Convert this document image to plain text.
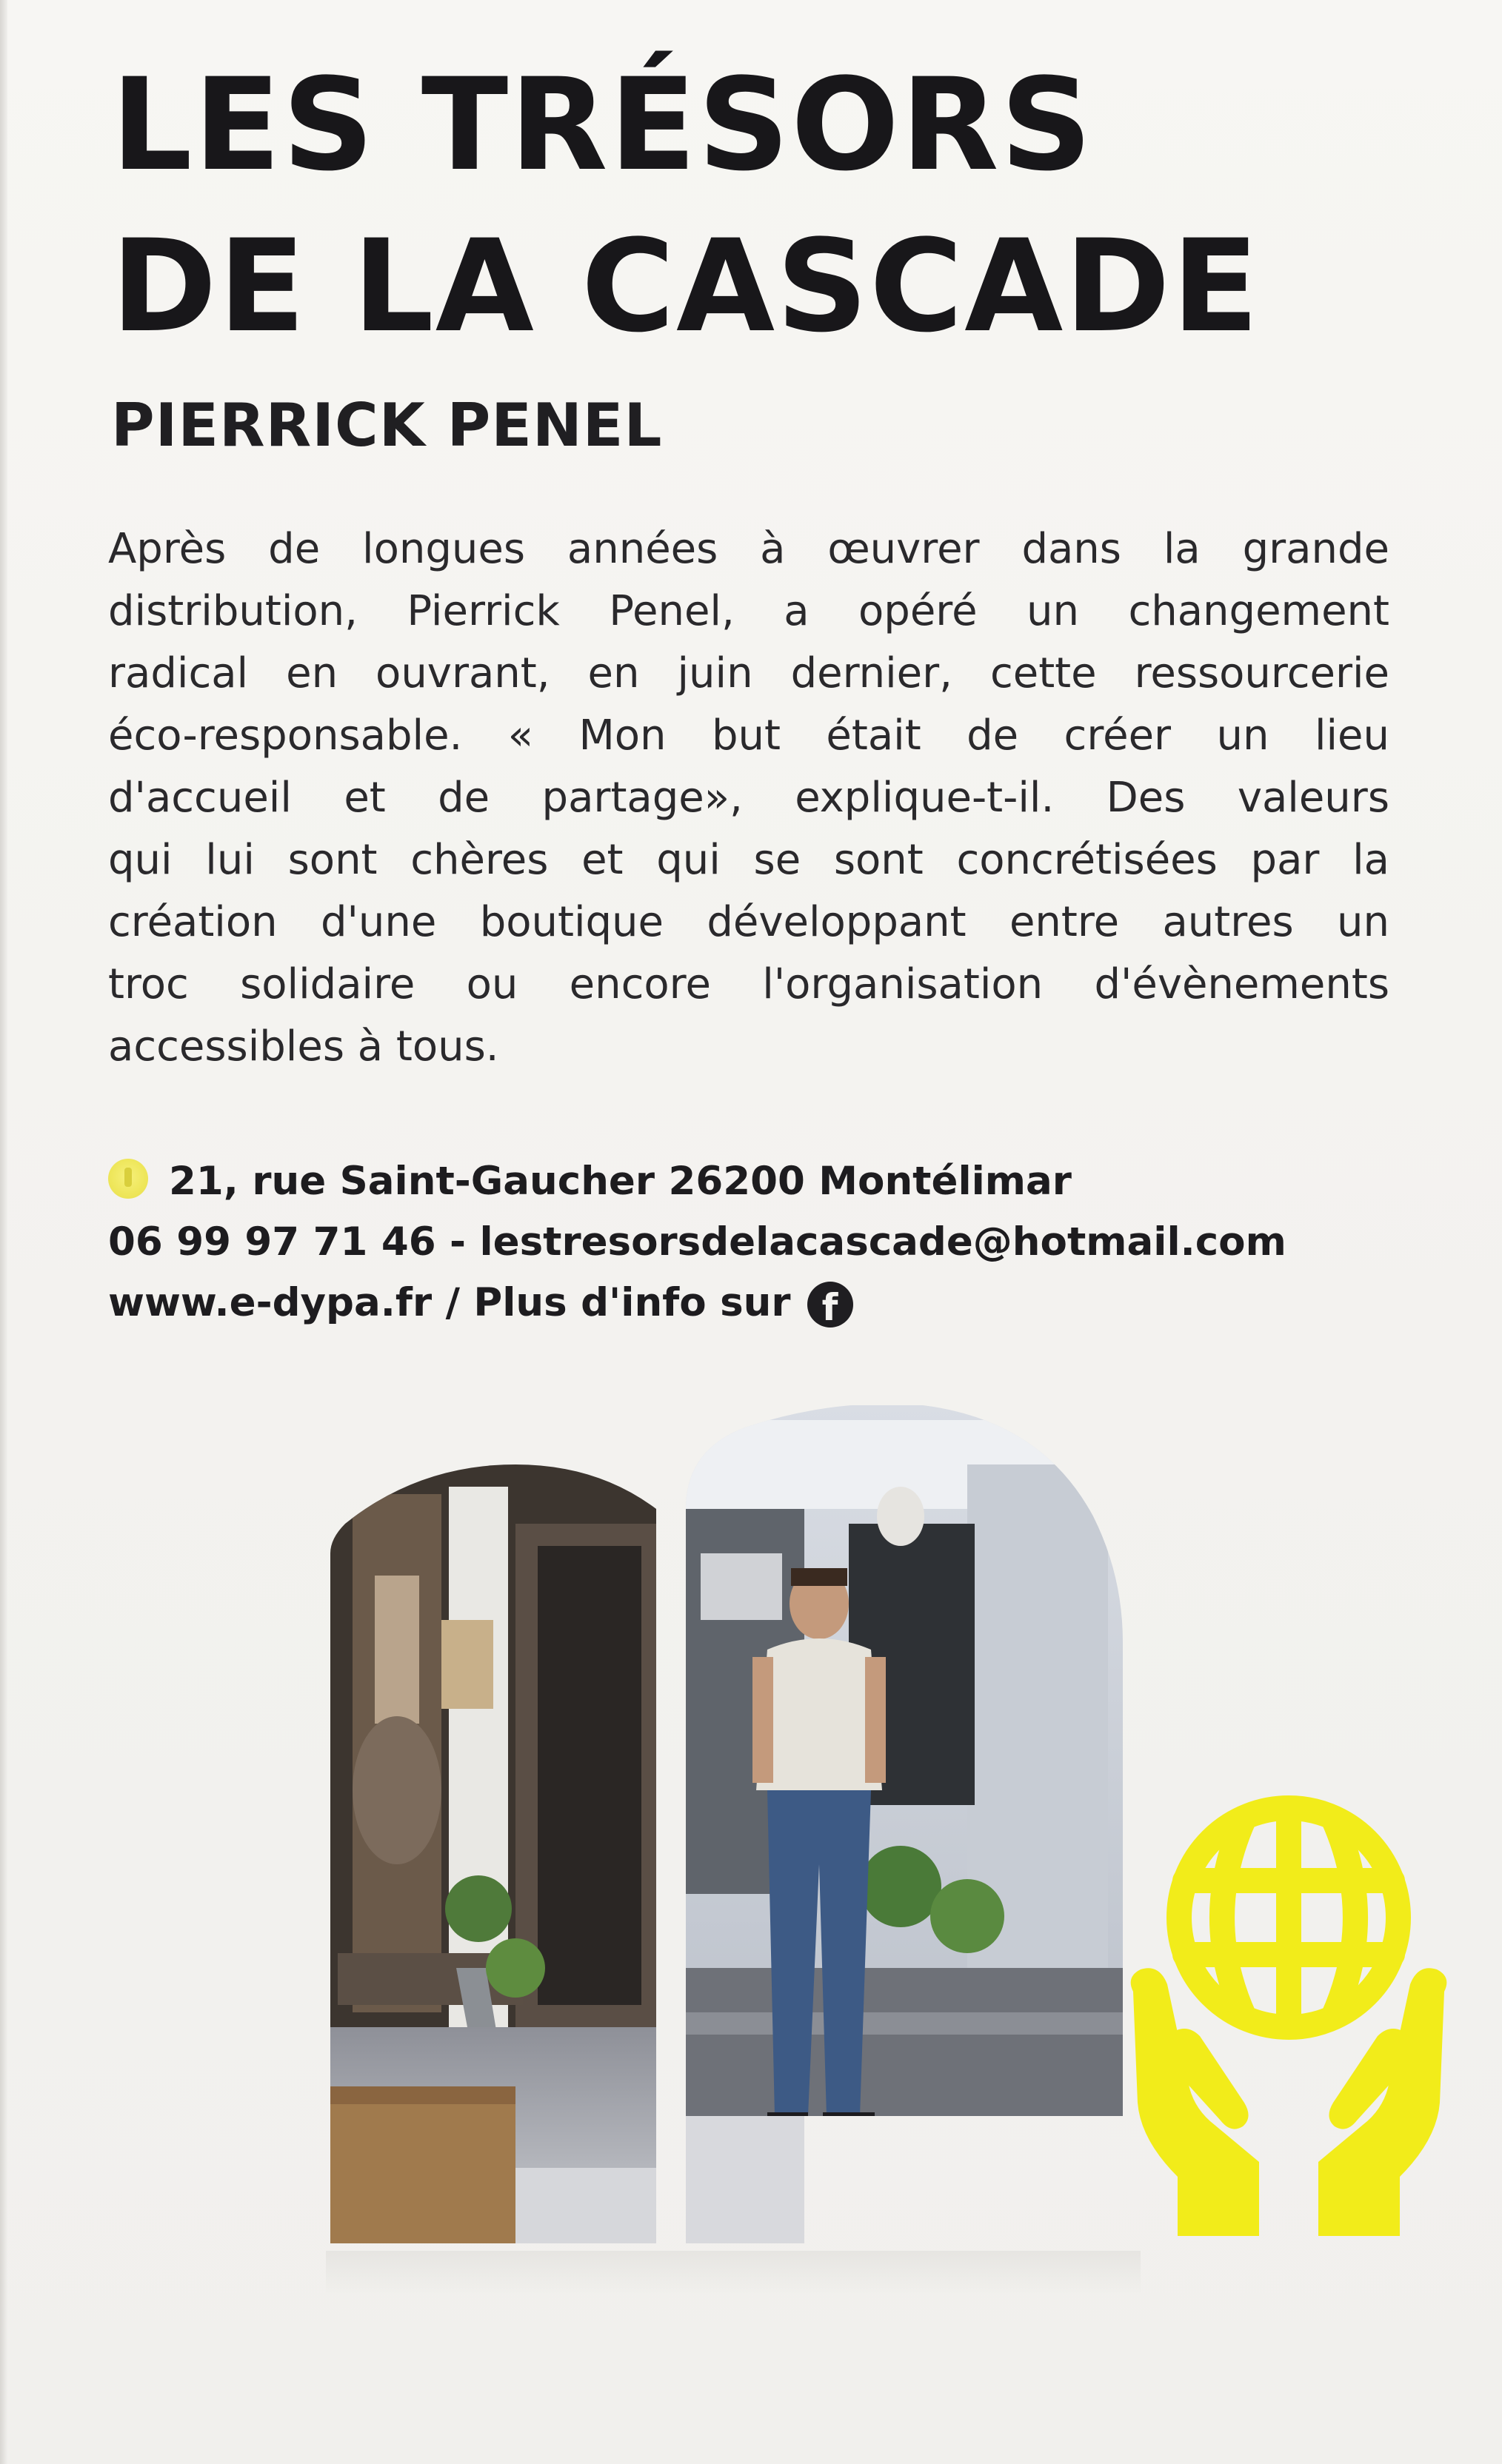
LES TRÉSORS
DE LA CASCADE
PIERRICK PENEL

Après de longues années à œuvrer dans la grande
distribution, Pierrick Penel, a opéré un changement
radical en ouvrant, en juin dernier, cette ressourcerie
éco-responsable. « Mon but était de créer un lieu
d'accueil et de partage», explique-t-il. Des valeurs
qui lui sont chères et qui se sont concrétisées par la
création d'une boutique développant entre autres un
troc solidaire ou encore l'organisation d'évènements
accessibles à tous.

21, rue Saint-Gaucher 26200 Montélimar
06 99 97 71 46 - lestresorsdelacascade@hotmail.com
www.e-dypa.fr / Plus d'info sur f
